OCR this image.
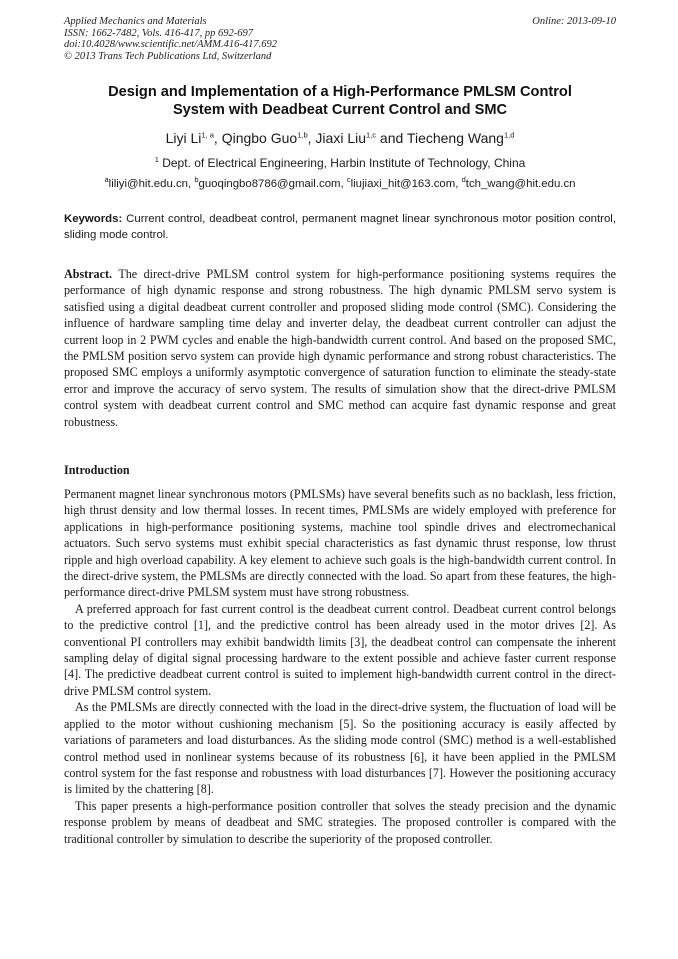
Applied Mechanics and Materials
ISSN: 1662-7482, Vols. 416-417, pp 692-697
doi:10.4028/www.scientific.net/AMM.416-417.692
© 2013 Trans Tech Publications Ltd, Switzerland
Online: 2013-09-10
Design and Implementation of a High-Performance PMLSM Control
System with Deadbeat Current Control and SMC
Liyi Li$^{1, a}$, Qingbo Guo$^{1,b}$, Jiaxi Liu$^{1,c}$ and Tiecheng Wang$^{1,d}$
$^1$ Dept. of Electrical Engineering, Harbin Institute of Technology, China
$^a$liliyi@hit.edu.cn, $^b$guoqingbo8786@gmail.com, $^c$liujiaxi_hit@163.com, $^d$tch_wang@hit.edu.cn
Keywords: Current control, deadbeat control, permanent magnet linear synchronous motor position control, sliding mode control.
Abstract. The direct-drive PMLSM control system for high-performance positioning systems requires the performance of high dynamic response and strong robustness. The high dynamic PMLSM servo system is satisfied using a digital deadbeat current controller and proposed sliding mode control (SMC). Considering the influence of hardware sampling time delay and inverter delay, the deadbeat current controller can adjust the current loop in 2 PWM cycles and enable the high-bandwidth current control. And based on the proposed SMC, the PMLSM position servo system can provide high dynamic performance and strong robust characteristics. The proposed SMC employs a uniformly asymptotic convergence of saturation function to eliminate the steady-state error and improve the accuracy of servo system. The results of simulation show that the direct-drive PMLSM control system with deadbeat current control and SMC method can acquire fast dynamic response and great robustness.
Introduction

Permanent magnet linear synchronous motors (PMLSMs) have several benefits such as no backlash, less friction, high thrust density and low thermal losses. In recent times, PMLSMs are widely employed with preference for applications in high-performance positioning systems, machine tool spindle drives and electromechanical actuators. Such servo systems must exhibit special characteristics as fast dynamic thrust response, low thrust ripple and high overload capability. A key element to achieve such goals is the high-bandwidth current control. In the direct-drive system, the PMLSMs are directly connected with the load. So apart from these features, the high-performance direct-drive PMLSM system must have strong robustness.

A preferred approach for fast current control is the deadbeat current control. Deadbeat current control belongs to the predictive control [1], and the predictive control has been already used in the motor drives [2]. As conventional PI controllers may exhibit bandwidth limits [3], the deadbeat control can compensate the inherent sampling delay of digital signal processing hardware to the extent possible and achieve faster current response [4]. The predictive deadbeat current control is suited to implement high-bandwidth current control in the direct-drive PMLSM control system.

As the PMLSMs are directly connected with the load in the direct-drive system, the fluctuation of load will be applied to the motor without cushioning mechanism [5]. So the positioning accuracy is easily affected by variations of parameters and load disturbances. As the sliding mode control (SMC) method is a well-established control method used in nonlinear systems because of its robustness [6], it have been applied in the PMLSM control system for the fast response and robustness with load disturbances [7]. However the positioning accuracy is limited by the chattering [8].

This paper presents a high-performance position controller that solves the steady precision and the dynamic response problem by means of deadbeat and SMC strategies. The proposed controller is compared with the traditional controller by simulation to describe the superiority of the proposed controller.
